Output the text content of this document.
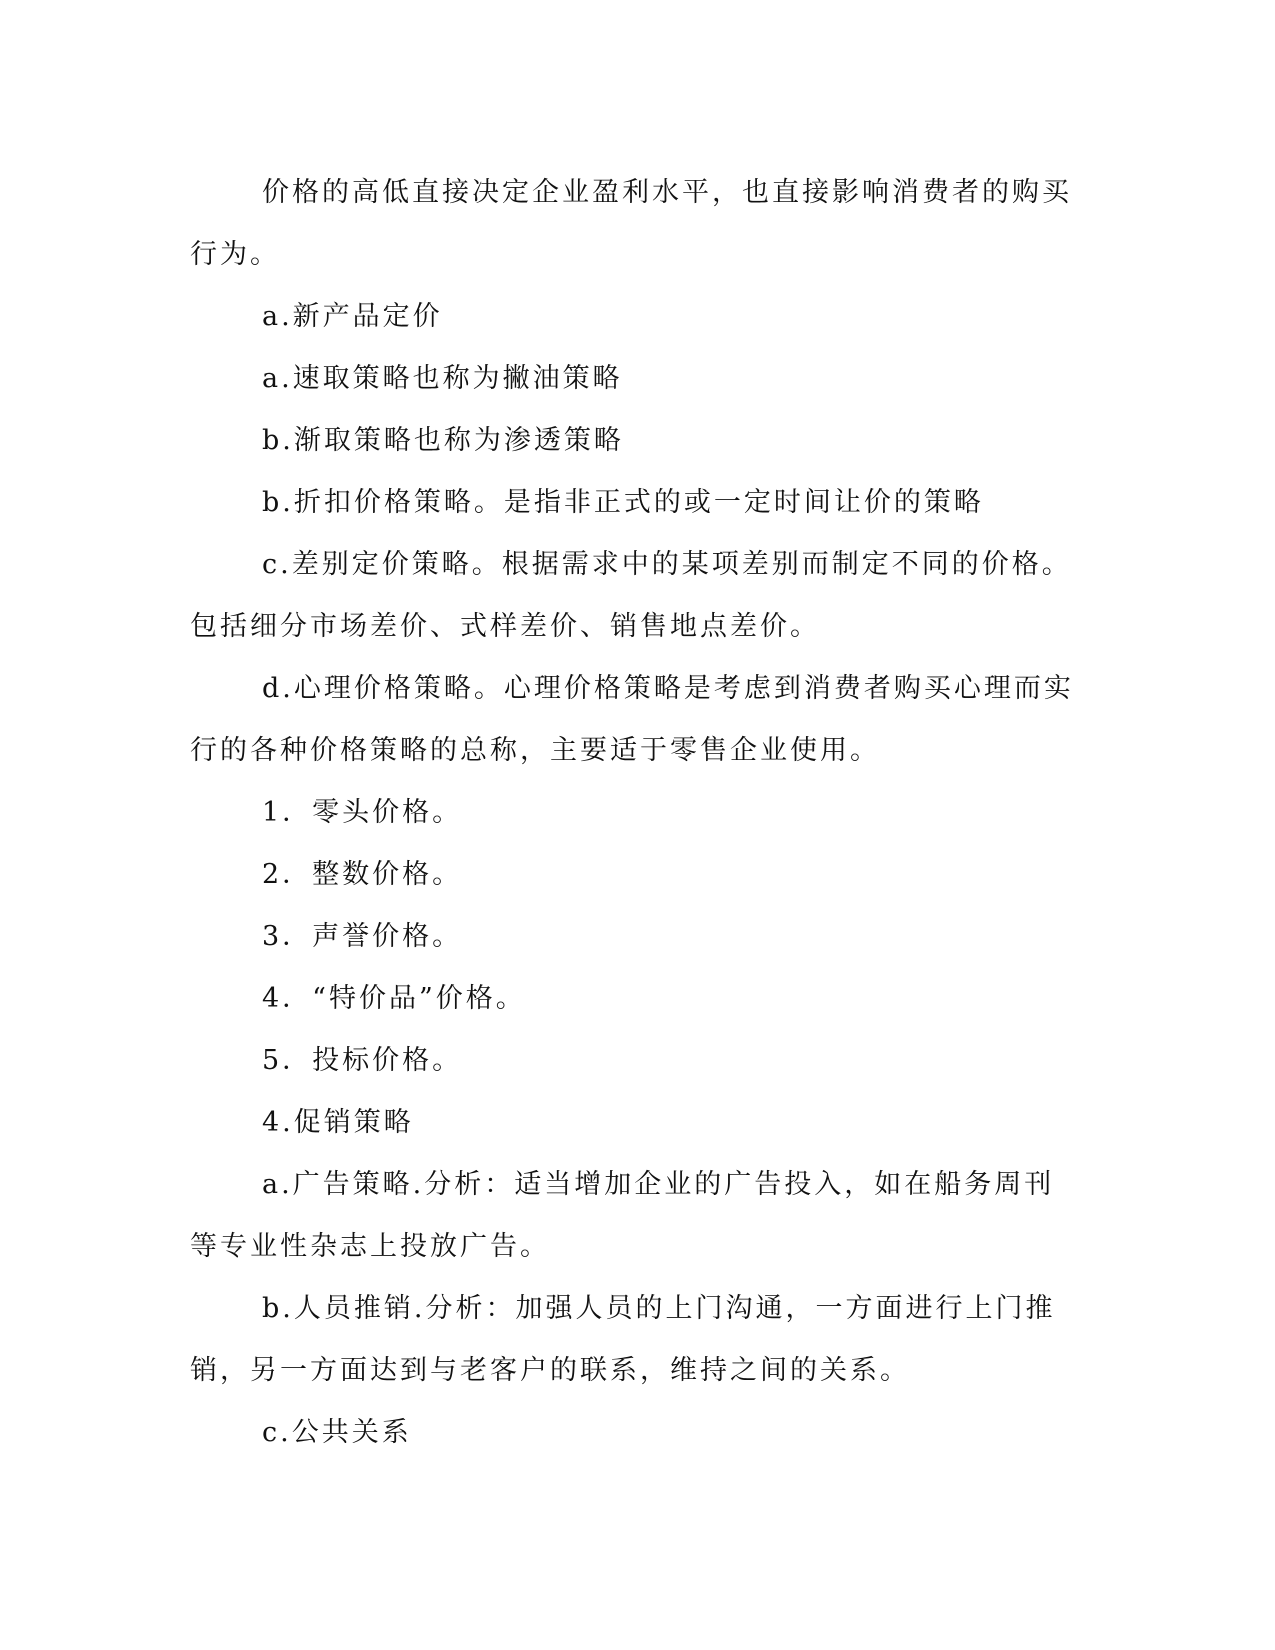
价格的高低直接决定企业盈利水平，也直接影响消费者的购买行为。

a.新产品定价

a.速取策略也称为撇油策略

b.渐取策略也称为渗透策略

b.折扣价格策略。是指非正式的或一定时间让价的策略

c.差别定价策略。根据需求中的某项差别而制定不同的价格。包括细分市场差价、式样差价、销售地点差价。

d.心理价格策略。心理价格策略是考虑到消费者购买心理而实行的各种价格策略的总称，主要适于零售企业使用。

1．零头价格。

2．整数价格。

3．声誉价格。

4．“特价品”价格。

5．投标价格。

4.促销策略

a.广告策略.分析：适当增加企业的广告投入，如在船务周刊等专业性杂志上投放广告。

b.人员推销.分析：加强人员的上门沟通，一方面进行上门推销，另一方面达到与老客户的联系，维持之间的关系。

c.公共关系
